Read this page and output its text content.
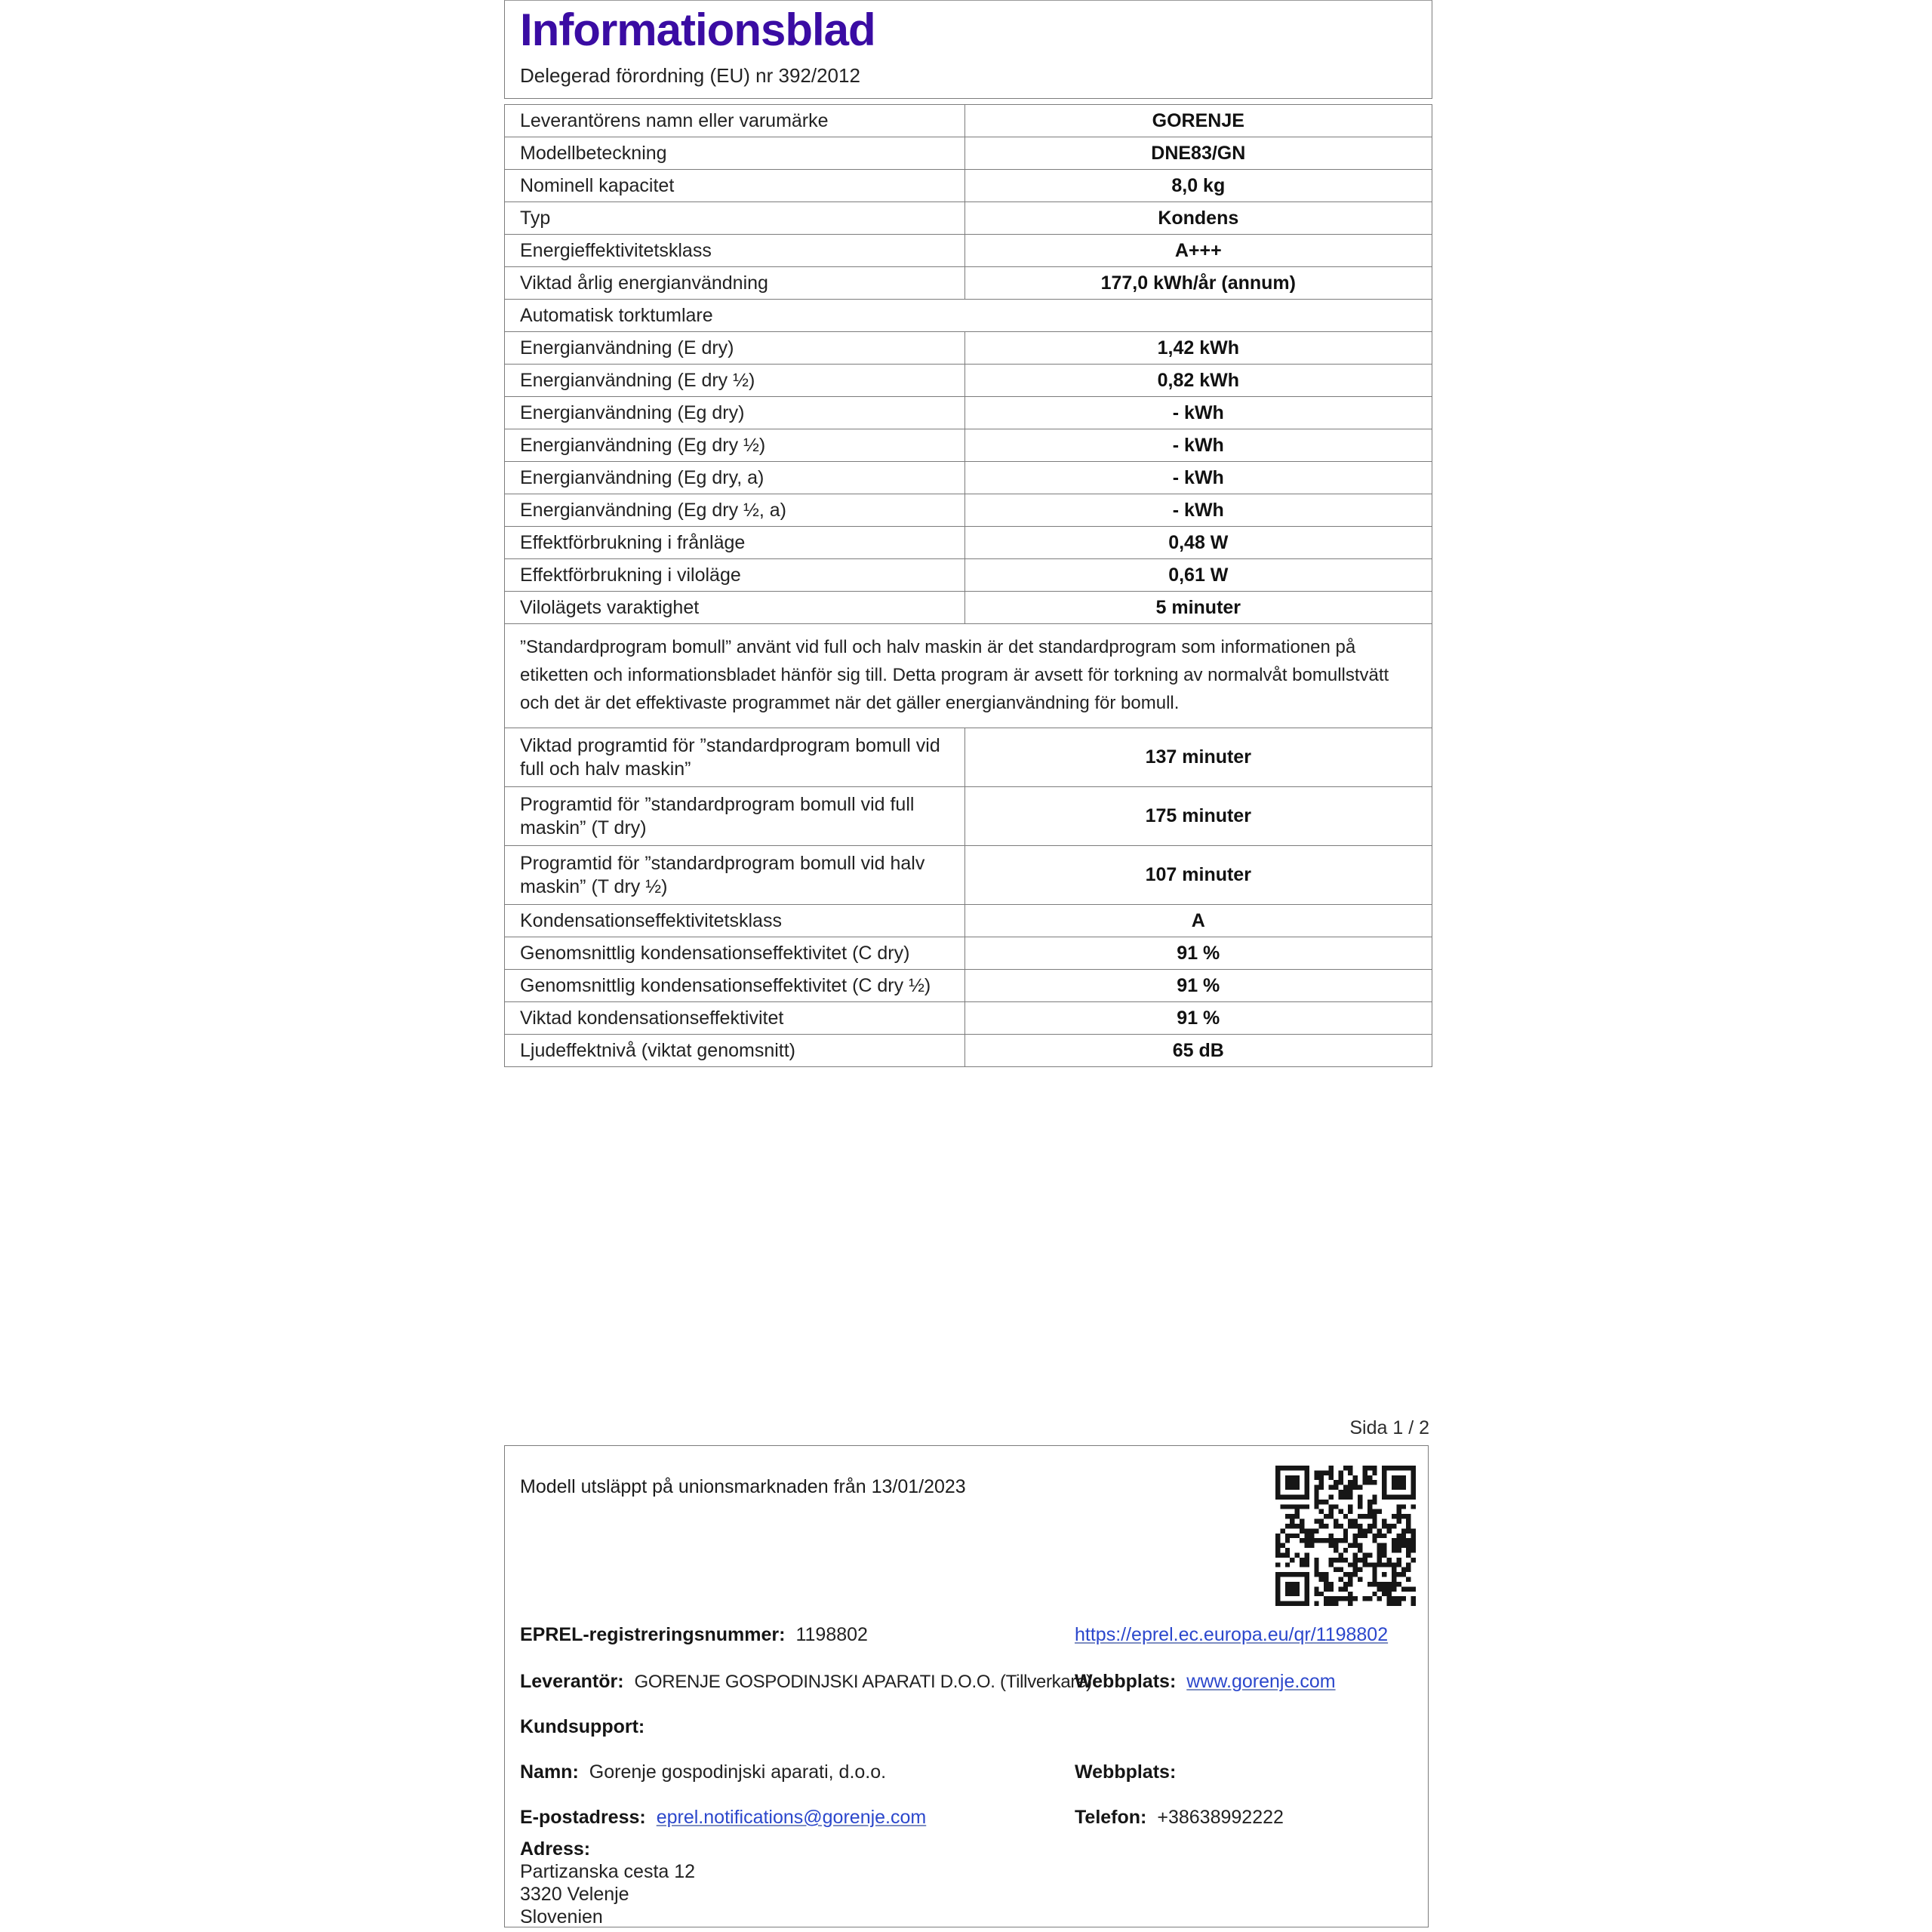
Informationsblad

Delegerad förordning (EU) nr 392/2012

Leverantörens namn eller varumärke	GORENJE
Modellbeteckning	DNE83/GN
Nominell kapacitet	8,0 kg
Typ	Kondens
Energieffektivitetsklass	A+++
Viktad årlig energianvändning	177,0 kWh/år (annum)
Automatisk torktumlare	
Energianvändning (E dry)	1,42 kWh
Energianvändning (E dry ½)	0,82 kWh
Energianvändning (Eg dry)	- kWh
Energianvändning (Eg dry ½)	- kWh
Energianvändning (Eg dry, a)	- kWh
Energianvändning (Eg dry ½, a)	- kWh
Effektförbrukning i frånläge	0,48 W
Effektförbrukning i viloläge	0,61 W
Vilolägets varaktighet	5 minuter
”Standardprogram bomull” använt vid full och halv maskin är det standardprogram som informationen på etiketten och informationsbladet hänför sig till. Detta program är avsett för torkning av normalvåt bomullstvätt och det är det effektivaste programmet när det gäller energianvändning för bomull.	
Viktad programtid för ”standardprogram bomull vid full och halv maskin”	137 minuter
Programtid för ”standardprogram bomull vid full maskin” (T dry)	175 minuter
Programtid för ”standardprogram bomull vid halv maskin” (T dry ½)	107 minuter
Kondensationseffektivitetsklass	A
Genomsnittlig kondensationseffektivitet (C dry)	91 %
Genomsnittlig kondensationseffektivitet (C dry ½)	91 %
Viktad kondensationseffektivitet	91 %
Ljudeffektnivå (viktat genomsnitt)	65 dB
Sida 1 / 2
Modell utsläppt på unionsmarknaden från 13/01/2023
EPREL-registreringsnummer: 1198802	https://eprel.ec.europa.eu/qr/1198802
Leverantör: GORENJE GOSPODINJSKI APARATI D.O.O. (Tillverkare)
Webbplats: www.gorenje.com
Kundsupport:
Namn: Gorenje gospodinjski aparati, d.o.o.	Webbplats:
E-postadress: eprel.notifications@gorenje.com	Telefon: +38638992222
Adress:
Partizanska cesta 12
3320 Velenje
Slovenien
